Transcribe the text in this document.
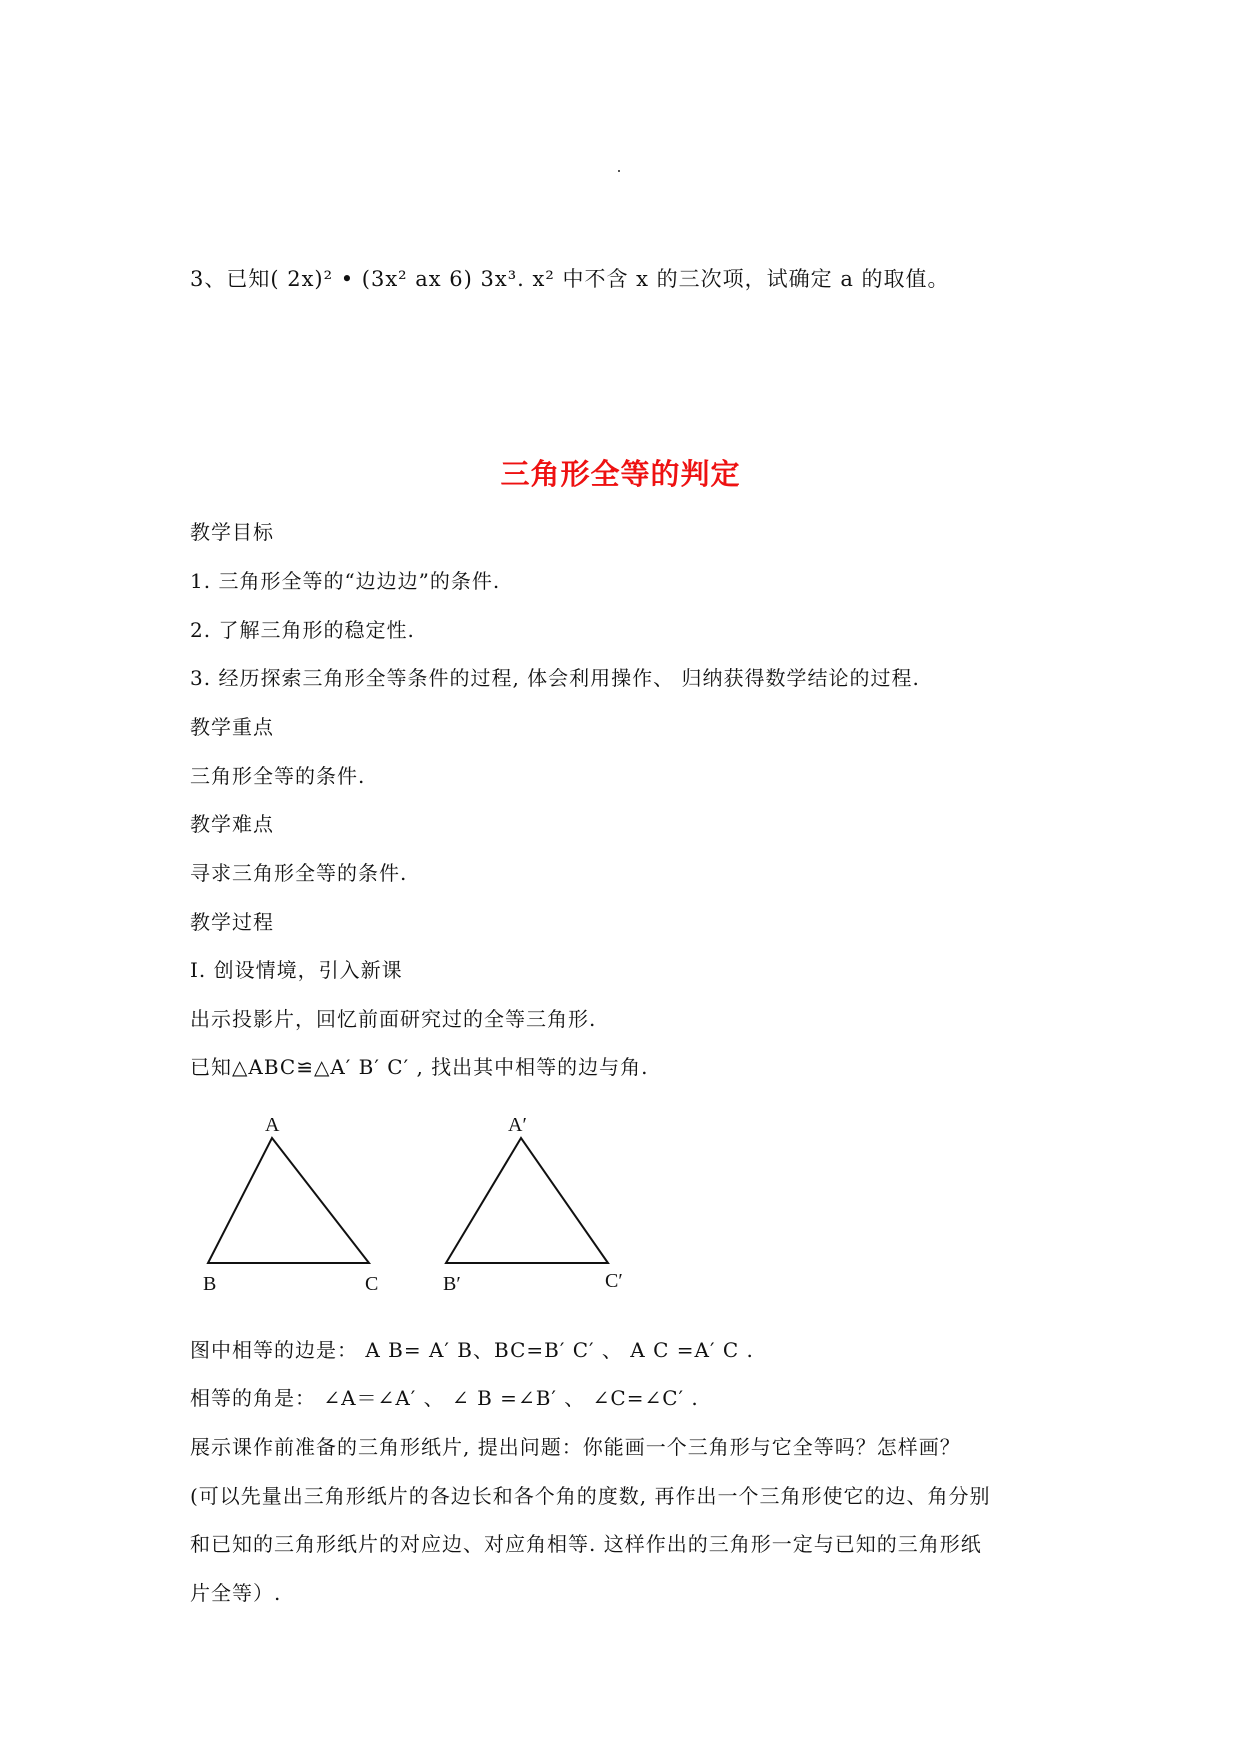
3、已知( 2x)² • (3x² ax 6) 3x³. x² 中不含 x 的三次项，试确定 a 的取值。
三角形全等的判定
教学目标
1. 三角形全等的“边边边”的条件.
2. 了解三角形的稳定性.
3. 经历探索三角形全等条件的过程, 体会利用操作、 归纳获得数学结论的过程.
教学重点
三角形全等的条件.
教学难点
寻求三角形全等的条件.
教学过程
Ⅰ. 创设情境，引入新课
出示投影片，回忆前面研究过的全等三角形.
已知△ABC≌△A′ B′ C′ , 找出其中相等的边与角.
A
B	C
A′
B′	C′
图中相等的边是： A B= A′ B、BC=B′ C′ 、 A C =A′ C .
相等的角是： ∠A＝∠A′ 、 ∠ B =∠B′ 、 ∠C=∠C′ .
展示课作前准备的三角形纸片, 提出问题：你能画一个三角形与它全等吗？怎样画？
(可以先量出三角形纸片的各边长和各个角的度数, 再作出一个三角形使它的边、角分别
和已知的三角形纸片的对应边、对应角相等. 这样作出的三角形一定与已知的三角形纸
片全等）.
